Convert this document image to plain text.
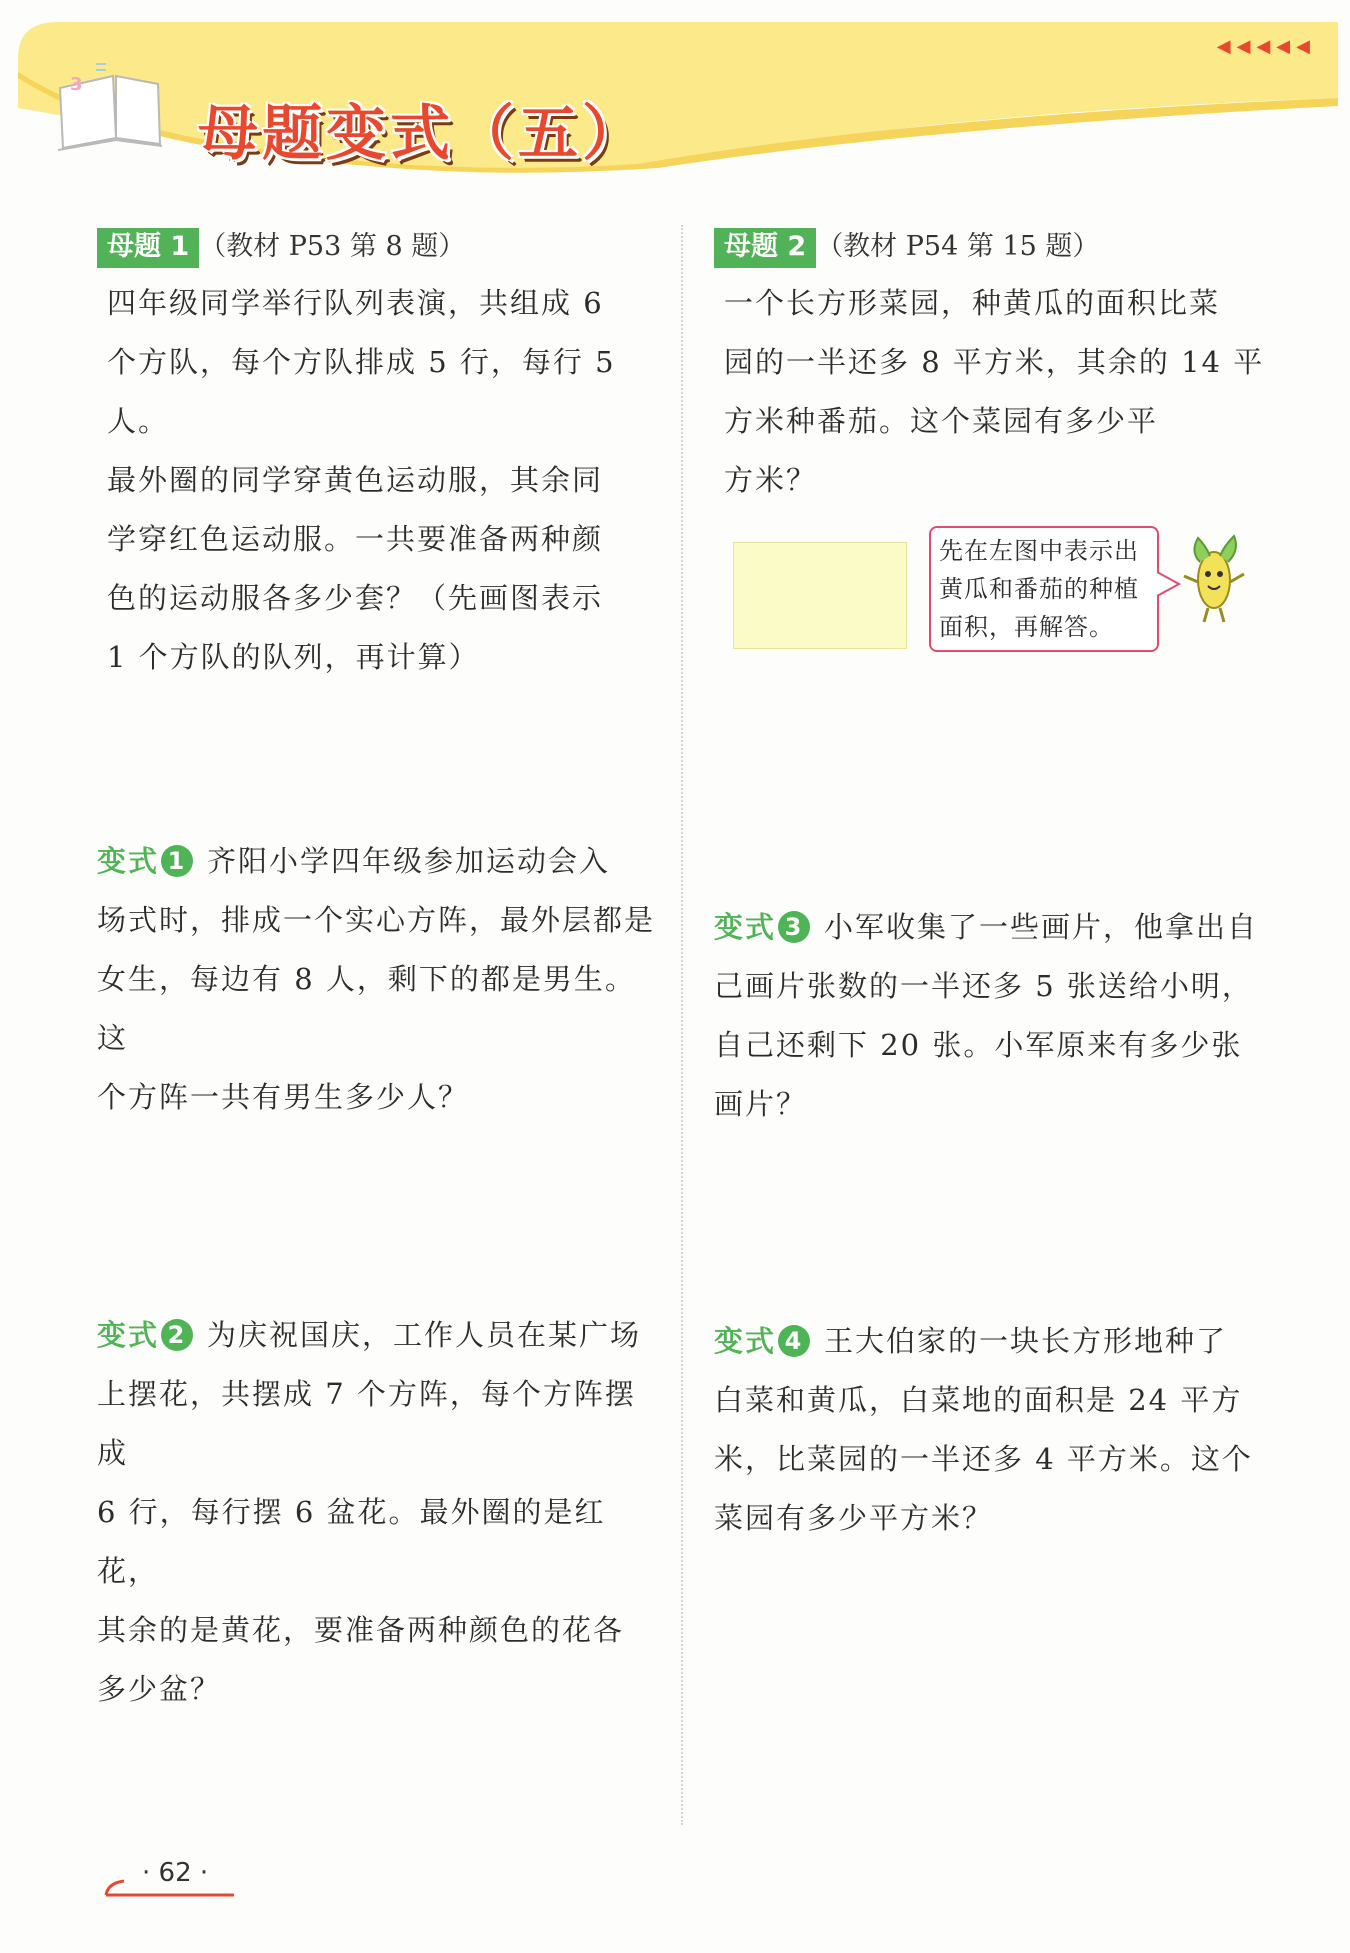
3
母题变式（五）
◀◀◀◀◀
母题 1 （教材 P53 第 8 题）

四年级同学举行队列表演，共组成 6

个方队，每个方队排成 5 行，每行 5 人。

最外圈的同学穿黄色运动服，其余同

学穿红色运动服。一共要准备两种颜

色的运动服各多少套？（先画图表示

1 个方队的队列，再计算）

母题 2 （教材 P54 第 15 题）

一个长方形菜园，种黄瓜的面积比菜

园的一半还多 8 平方米，其余的 14 平

方米种番茄。这个菜园有多少平

方米？

先在左图中表示出

黄瓜和番茄的种植

面积，再解答。

变式 1 齐阳小学四年级参加运动会入

场式时，排成一个实心方阵，最外层都是

女生，每边有 8 人，剩下的都是男生。这

个方阵一共有男生多少人？

变式 2 为庆祝国庆，工作人员在某广场

上摆花，共摆成 7 个方阵，每个方阵摆成

6 行，每行摆 6 盆花。最外圈的是红花，

其余的是黄花，要准备两种颜色的花各

多少盆？

变式 3 小军收集了一些画片，他拿出自

己画片张数的一半还多 5 张送给小明，

自己还剩下 20 张。小军原来有多少张

画片？

变式 4 王大伯家的一块长方形地种了

白菜和黄瓜，白菜地的面积是 24 平方

米，比菜园的一半还多 4 平方米。这个

菜园有多少平方米？

· 62 ·
